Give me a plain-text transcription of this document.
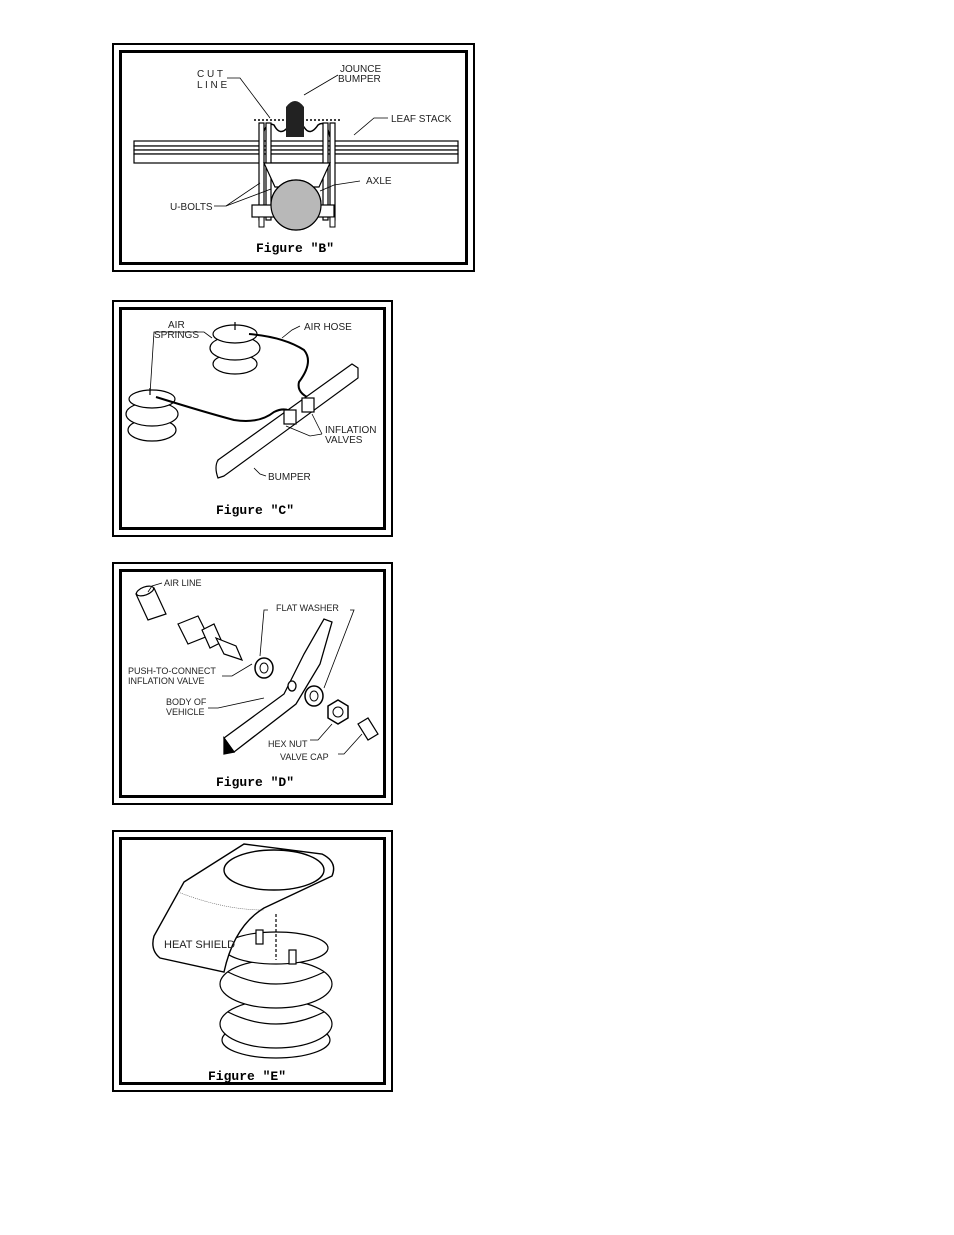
C U T
L I N E
JOUNCE
BUMPER
LEAF STACK
AXLE
U-BOLTS
Figure "B"
AIR
SPRINGS
AIR HOSE
INFLATION
VALVES
BUMPER
Figure "C"
AIR LINE
FLAT WASHER
PUSH-TO-CONNECT
INFLATION VALVE
BODY OF
VEHICLE
HEX NUT
VALVE CAP
Figure "D"
HEAT SHIELD
Figure "E"
